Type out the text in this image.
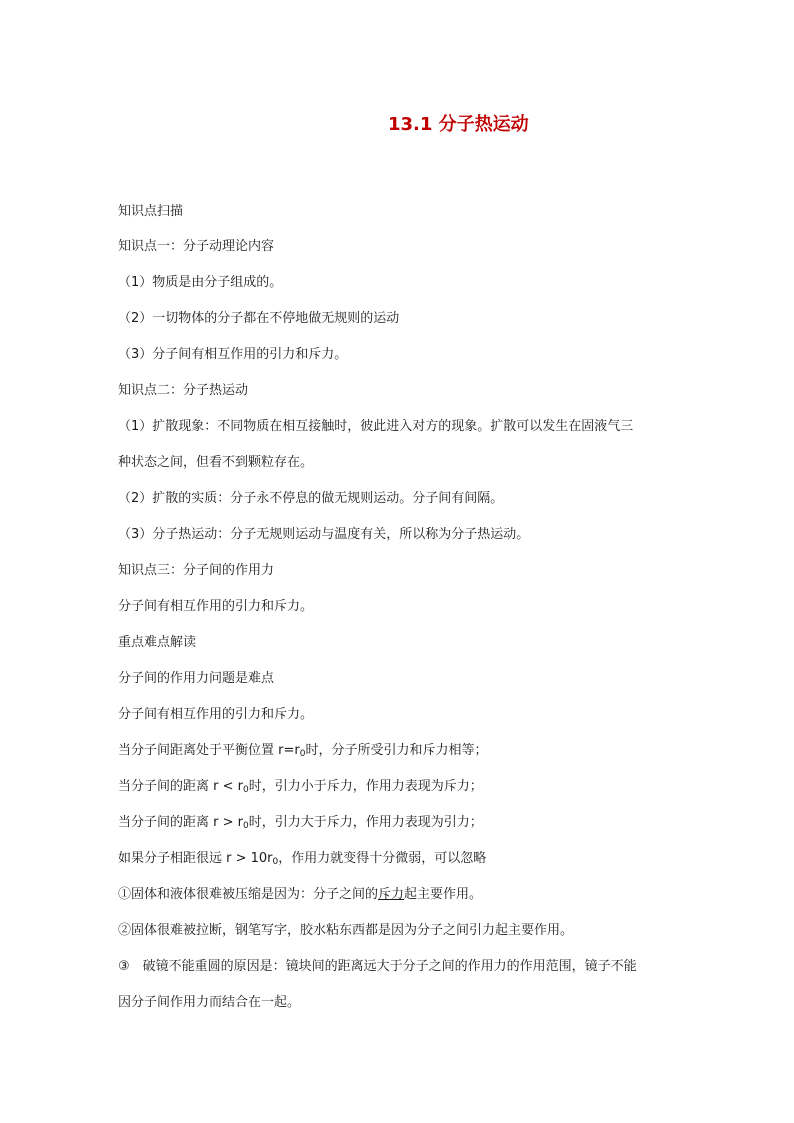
13.1 分子热运动
知识点扫描
知识点一：分子动理论内容
（1）物质是由分子组成的。
（2）一切物体的分子都在不停地做无规则的运动
（3）分子间有相互作用的引力和斥力。
知识点二：分子热运动
（1）扩散现象：不同物质在相互接触时，彼此进入对方的现象。扩散可以发生在固液气三
种状态之间，但看不到颗粒存在。
（2）扩散的实质：分子永不停息的做无规则运动。分子间有间隔。
（3）分子热运动：分子无规则运动与温度有关，所以称为分子热运动。
知识点三：分子间的作用力
分子间有相互作用的引力和斥力。
重点难点解读
分子间的作用力问题是难点
分子间有相互作用的引力和斥力。
当分子间距离处于平衡位置 $r=r_0$时，分子所受引力和斥力相等；
当分子间的距离 $r < r_0$时，引力小于斥力，作用力表现为斥力；
当分子间的距离 $r > r_0$时，引力大于斥力，作用力表现为引力；
如果分子相距很远 $r > 10r_0$，作用力就变得十分微弱，可以忽略
①固体和液体很难被压缩是因为：分子之间的斥力起主要作用。
②固体很难被拉断，钢笔写字，胶水粘东西都是因为分子之间引力起主要作用。
③　破镜不能重圆的原因是：镜块间的距离远大于分子之间的作用力的作用范围，镜子不能
因分子间作用力而结合在一起。
